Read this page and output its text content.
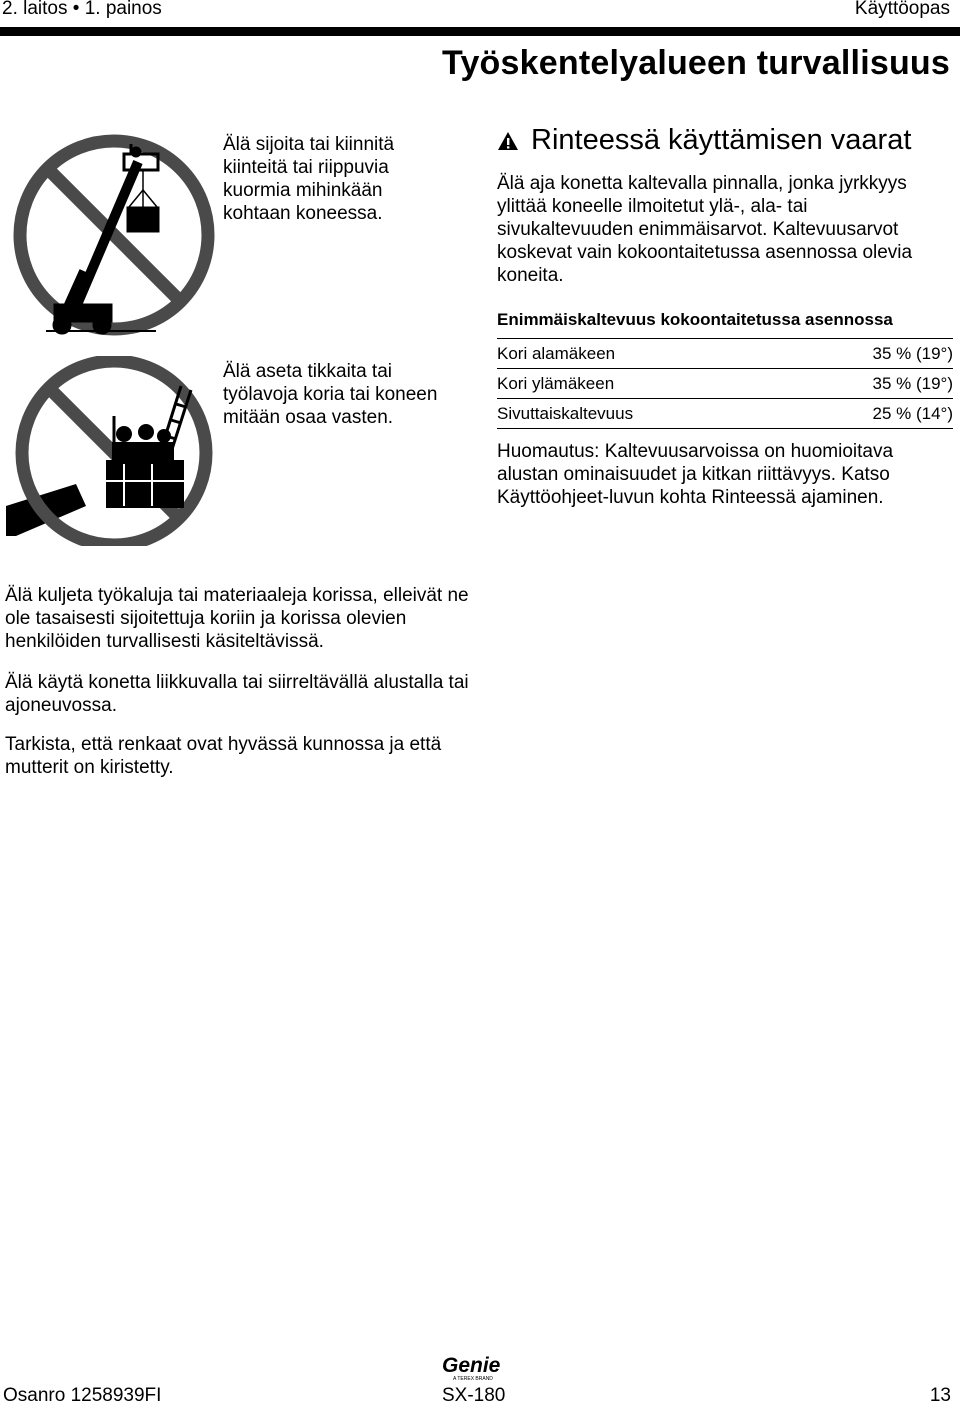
2. laitos • 1. painos	Käyttöopas
Työskentelyalueen turvallisuus
Älä sijoita tai kiinnitä kiinteitä tai riippuvia kuormia mihinkään kohtaan koneessa.
Älä aseta tikkaita tai työlavoja koria tai koneen mitään osaa vasten.
Rinteessä käyttämisen vaarat
Älä aja konetta kaltevalla pinnalla, jonka jyrkkyys ylittää koneelle ilmoitetut ylä-, ala- tai sivukaltevuuden enimmäisarvot. Kaltevuusarvot koskevat vain kokoontaitetussa asennossa olevia koneita.
Enimmäiskaltevuus kokoontaitetussa asennossa
Kori alamäkeen	35 % (19°)
Kori ylämäkeen	35 % (19°)
Sivuttaiskaltevuus	25 % (14°)
Huomautus: Kaltevuusarvoissa on huomioitava alustan ominaisuudet ja kitkan riittävyys. Katso Käyttöohjeet-luvun kohta Rinteessä ajaminen.
Älä kuljeta työkaluja tai materiaaleja korissa, elleivät ne ole tasaisesti sijoitettuja koriin ja korissa olevien henkilöiden turvallisesti käsiteltävissä.
Älä käytä konetta liikkuvalla tai siirreltävällä alustalla tai ajoneuvossa.
Tarkista, että renkaat ovat hyvässä kunnossa ja että mutterit on kiristetty.
Genie
A TEREX BRAND
Osanro 1258939FI	SX-180	13
